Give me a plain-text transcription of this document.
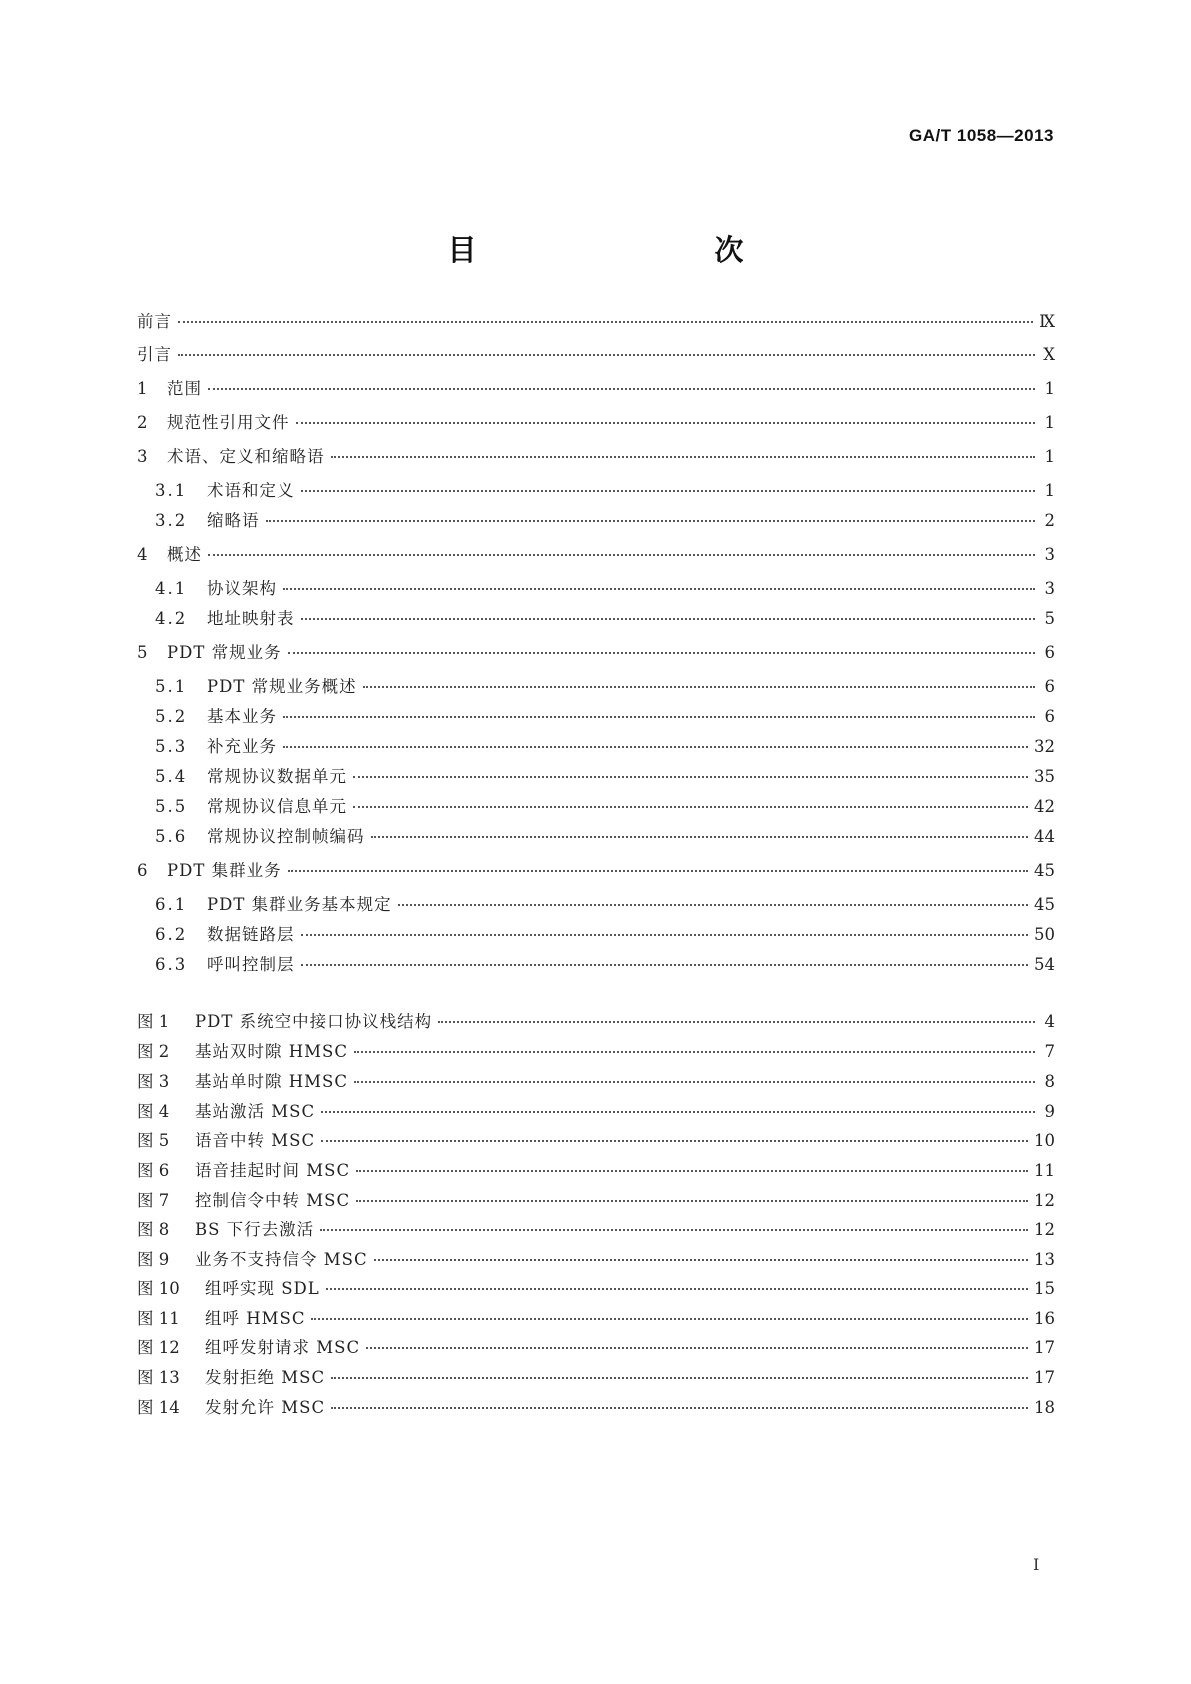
GA/T 1058—2013
目　　次
前言	Ⅸ
引言	Ⅹ
1	范围	1
2	规范性引用文件	1
3	术语、定义和缩略语	1
3.1	术语和定义	1
3.2	缩略语	2
4	概述	3
4.1	协议架构	3
4.2	地址映射表	5
5	PDT 常规业务	6
5.1	PDT 常规业务概述	6
5.2	基本业务	6
5.3	补充业务	32
5.4	常规协议数据单元	35
5.5	常规协议信息单元	42
5.6	常规协议控制帧编码	44
6	PDT 集群业务	45
6.1	PDT 集群业务基本规定	45
6.2	数据链路层	50
6.3	呼叫控制层	54
图 1	PDT 系统空中接口协议栈结构	4
图 2	基站双时隙 HMSC	7
图 3	基站单时隙 HMSC	8
图 4	基站激活 MSC	9
图 5	语音中转 MSC	10
图 6	语音挂起时间 MSC	11
图 7	控制信令中转 MSC	12
图 8	BS 下行去激活	12
图 9	业务不支持信令 MSC	13
图 10	组呼实现 SDL	15
图 11	组呼 HMSC	16
图 12	组呼发射请求 MSC	17
图 13	发射拒绝 MSC	17
图 14	发射允许 MSC	18
I
